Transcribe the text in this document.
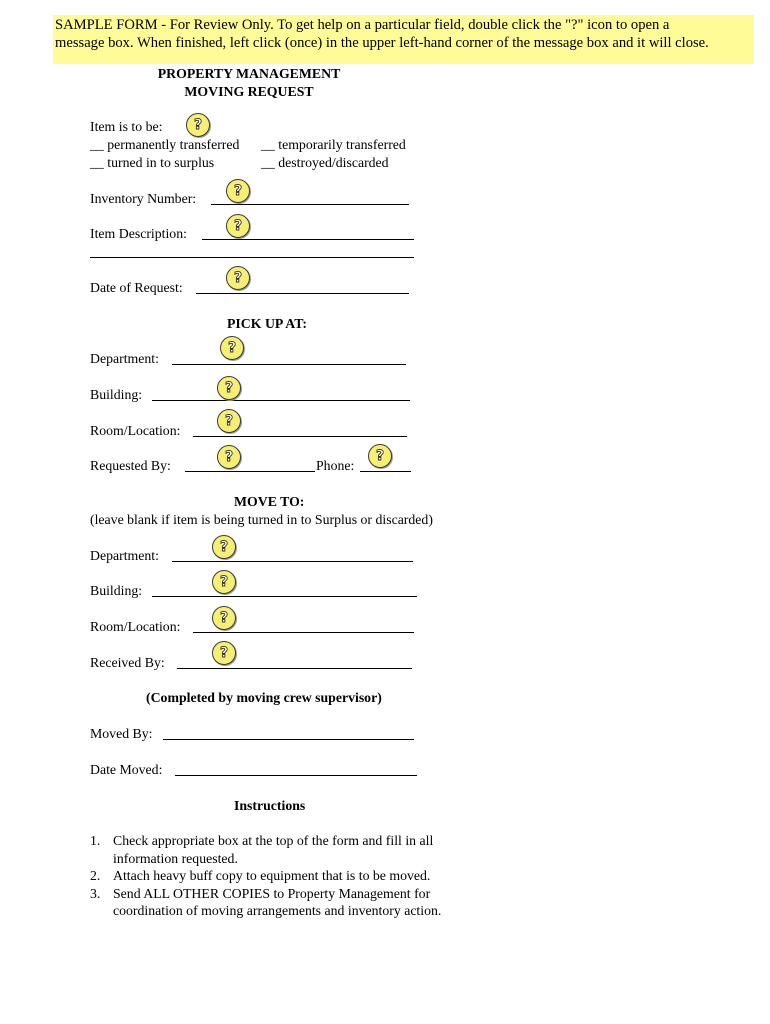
SAMPLE FORM - For Review Only. To get help on a particular field, double click the "?" icon to open a
message box. When finished, left click (once) in the upper left-hand corner of the message box and it will close.
PROPERTY MANAGEMENT
MOVING REQUEST
Item is to be: ?
__ permanently transferred __ temporarily transferred
__ turned in to surplus	__ destroyed/discarded
Inventory Number:	?
Item Description:	?
Date of Request:
?
PICK UP AT:
Department:
?
Building:	?
Room/Location:
?
Requested By:
?
Phone:
?
MOVE TO:
(leave blank if item is being turned in to Surplus or discarded)
Department:
?
Building:
?
Room/Location:
?
Received By:
?
(Completed by moving crew supervisor)
Moved By:
Date Moved:
Instructions
1. Check appropriate box at the top of the form and fill in all information requested.
2. Attach heavy buff copy to equipment that is to be moved.
3. Send ALL OTHER COPIES to Property Management for coordination of moving arrangements and inventory action.
